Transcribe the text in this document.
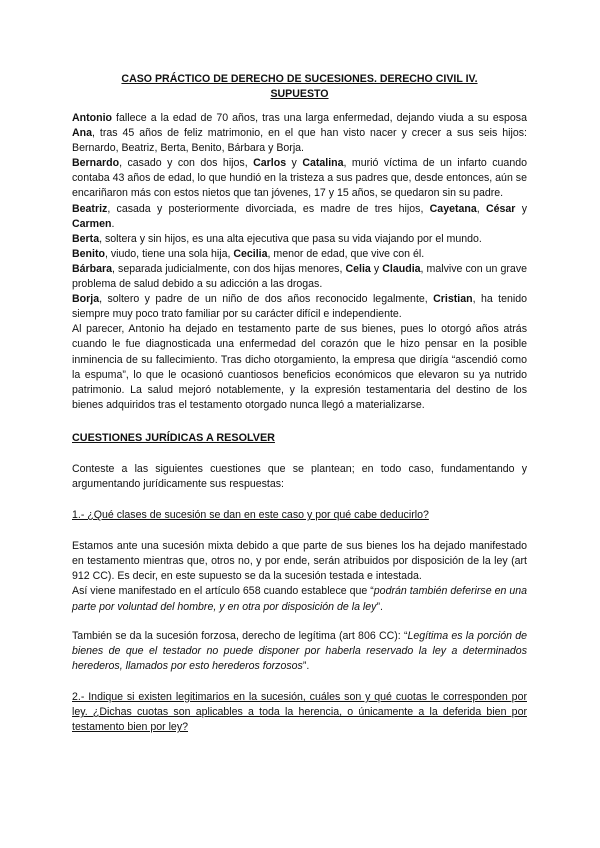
CASO PRÁCTICO DE DERECHO DE SUCESIONES. DERECHO CIVIL IV.
SUPUESTO

Antonio fallece a la edad de 70 años, tras una larga enfermedad, dejando viuda a su esposa Ana, tras 45 años de feliz matrimonio, en el que han visto nacer y crecer a sus seis hijos: Bernardo, Beatriz, Berta, Benito, Bárbara y Borja.

Bernardo, casado y con dos hijos, Carlos y Catalina, murió víctima de un infarto cuando contaba 43 años de edad, lo que hundió en la tristeza a sus padres que, desde entonces, aún se encariñaron más con estos nietos que tan jóvenes, 17 y 15 años, se quedaron sin su padre.

Beatriz, casada y posteriormente divorciada, es madre de tres hijos, Cayetana, César y Carmen.

Berta, soltera y sin hijos, es una alta ejecutiva que pasa su vida viajando por el mundo.

Benito, viudo, tiene una sola hija, Cecilia, menor de edad, que vive con él.

Bárbara, separada judicialmente, con dos hijas menores, Celia y Claudia, malvive con un grave problema de salud debido a su adicción a las drogas.

Borja, soltero y padre de un niño de dos años reconocido legalmente, Cristian, ha tenido siempre muy poco trato familiar por su carácter difícil e independiente.

Al parecer, Antonio ha dejado en testamento parte de sus bienes, pues lo otorgó años atrás cuando le fue diagnosticada una enfermedad del corazón que le hizo pensar en la posible inminencia de su fallecimiento. Tras dicho otorgamiento, la empresa que dirigía “ascendió como la espuma”, lo que le ocasionó cuantiosos beneficios económicos que elevaron su ya nutrido patrimonio. La salud mejoró notablemente, y la expresión testamentaria del destino de los bienes adquiridos tras el testamento otorgado nunca llegó a materializarse.

CUESTIONES JURÍDICAS A RESOLVER

Conteste a las siguientes cuestiones que se plantean; en todo caso, fundamentando y argumentando jurídicamente sus respuestas:

1.- ¿Qué clases de sucesión se dan en este caso y por qué cabe deducirlo?

Estamos ante una sucesión mixta debido a que parte de sus bienes los ha dejado manifestado en testamento mientras que, otros no, y por ende, serán atribuidos por disposición de la ley (art 912 CC). Es decir, en este supuesto se da la sucesión testada e intestada.

Así viene manifestado en el artículo 658 cuando establece que “podrán también deferirse en una parte por voluntad del hombre, y en otra por disposición de la ley”.

También se da la sucesión forzosa, derecho de legítima (art 806 CC): “Legítima es la porción de bienes de que el testador no puede disponer por haberla reservado la ley a determinados herederos, llamados por esto herederos forzosos”.

2.- Indique si existen legitimarios en la sucesión, cuáles son y qué cuotas le corresponden por ley. ¿Dichas cuotas son aplicables a toda la herencia, o únicamente a la deferida bien por testamento bien por ley?
